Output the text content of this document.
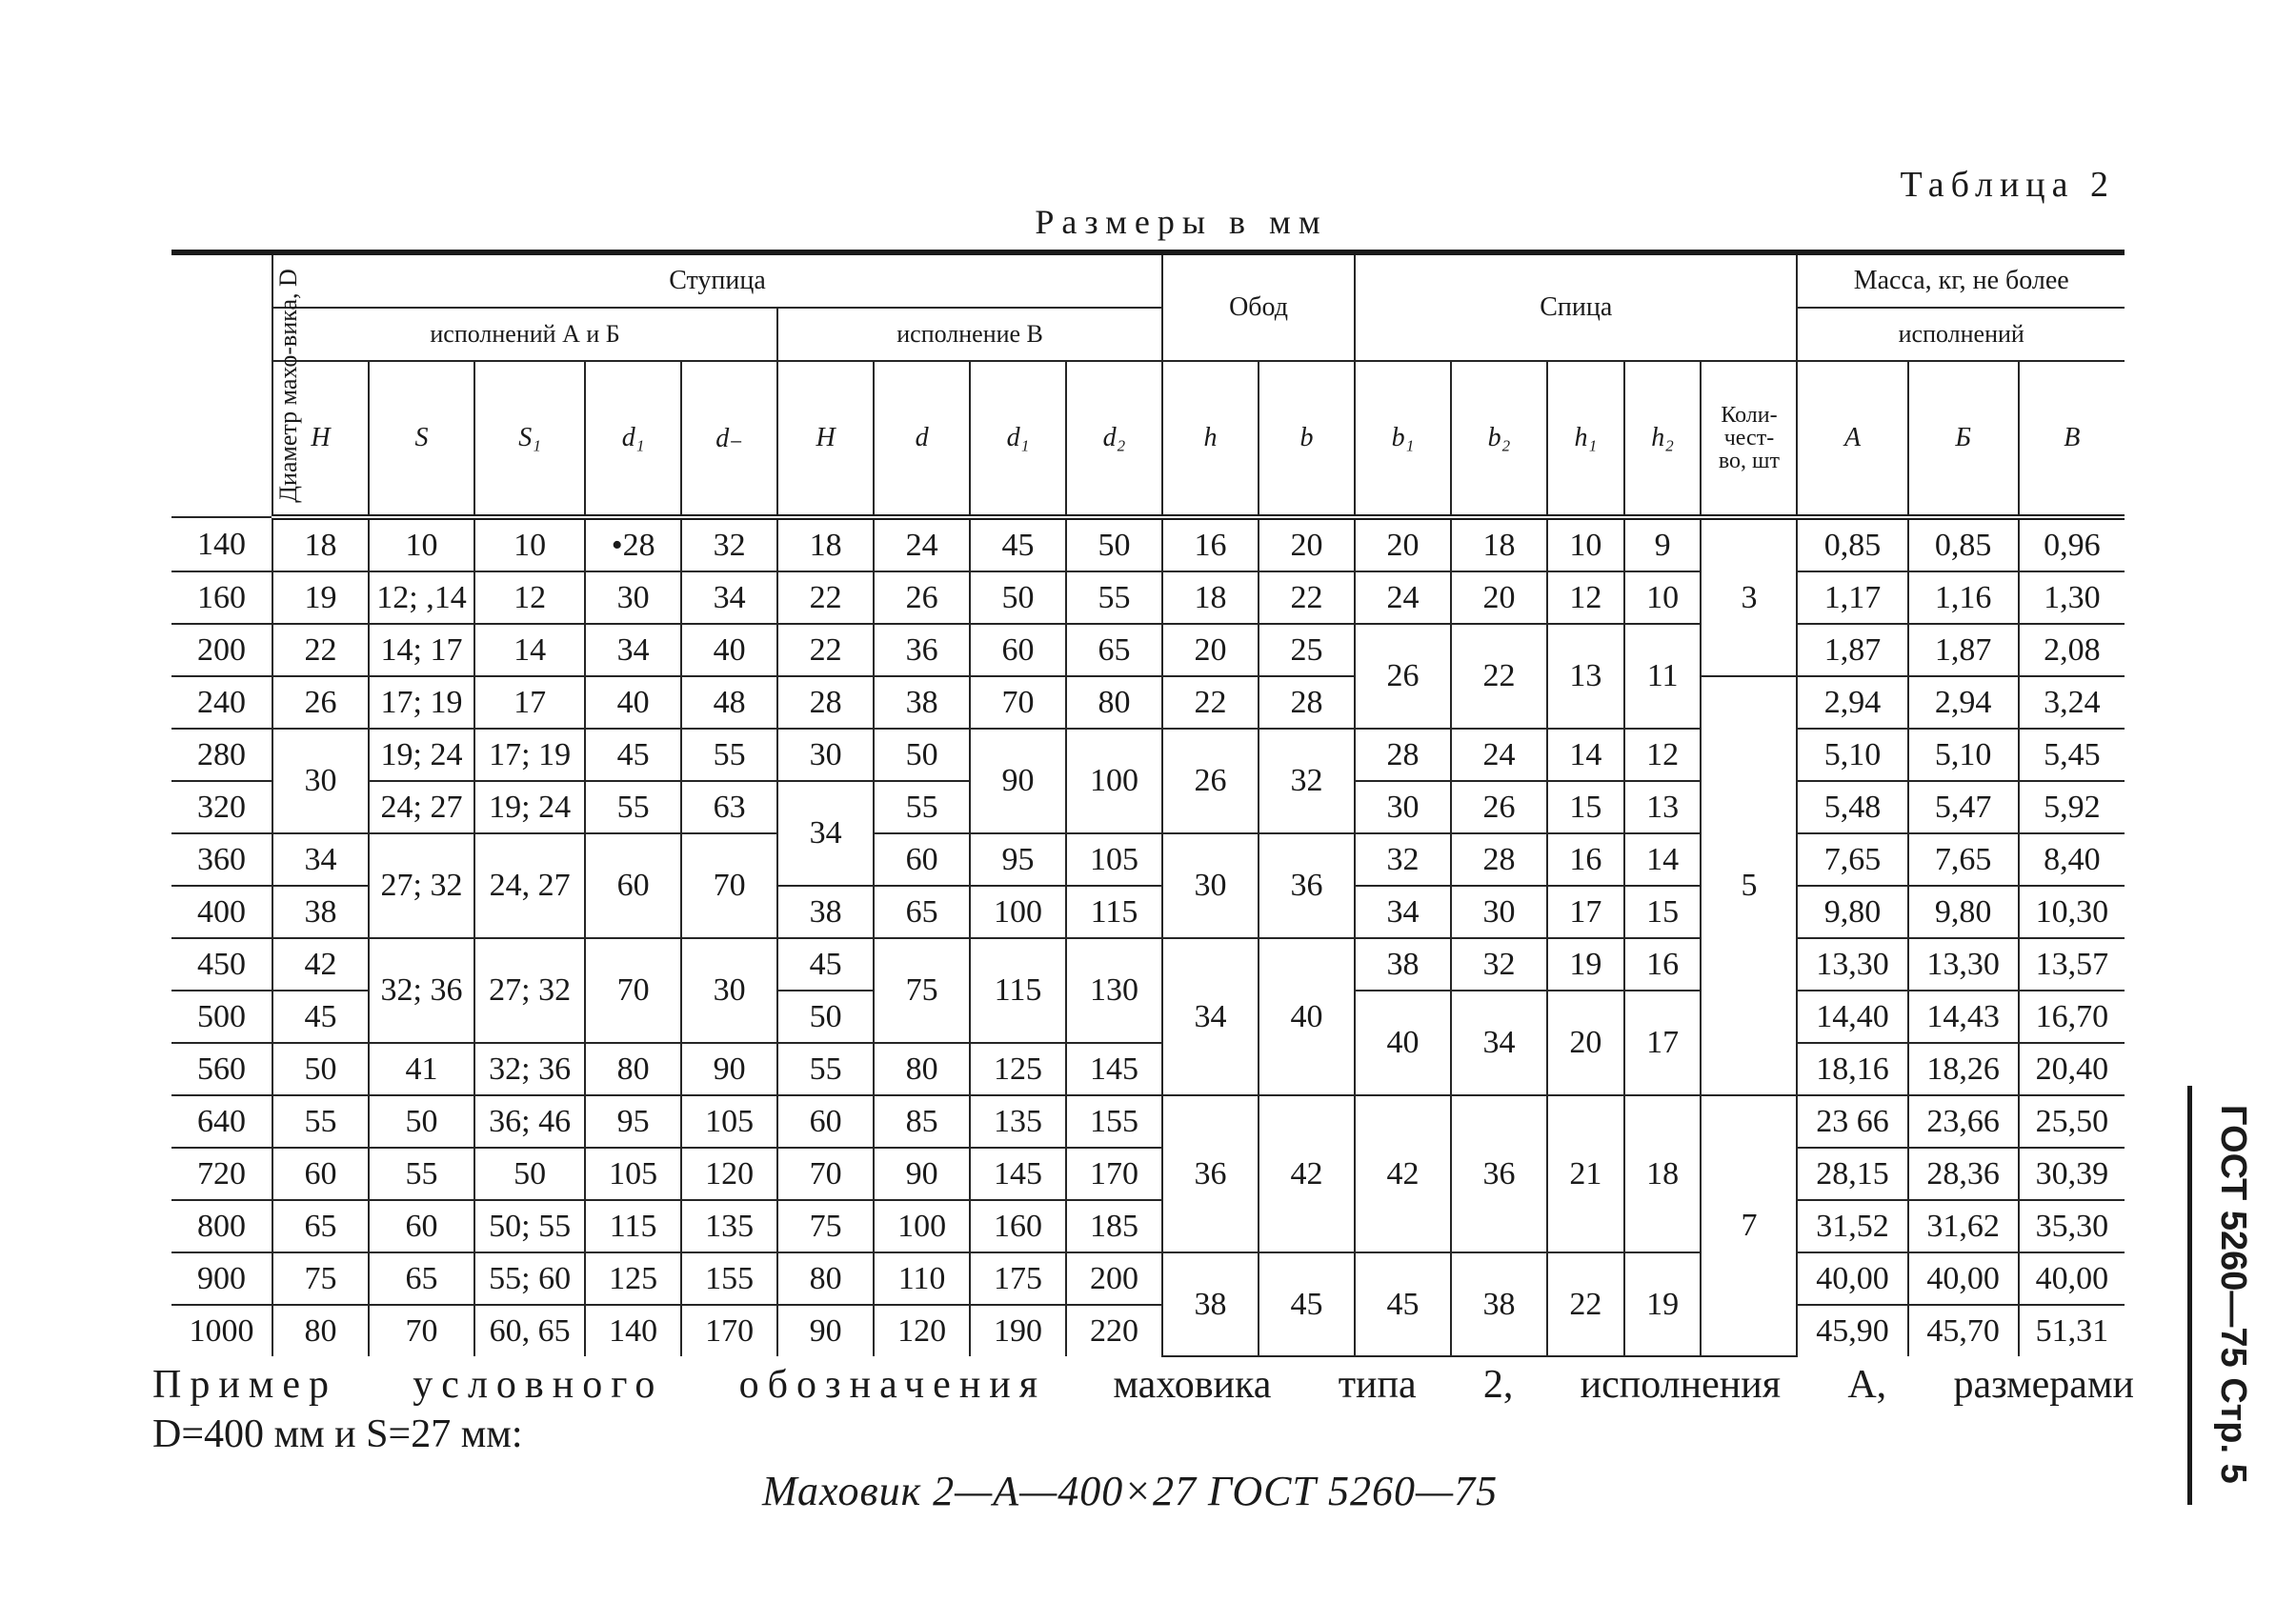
Таблица 2
Размеры в мм
Диаметр махо-вика, D	Ступица									Обод		Спица					Масса, кг, не более		
	исполнений А и Б					исполнение В											исполнений		
	H	S	S₁	d₁	d₋	H	d	d₁	d₂	h	b	b₁	b₂	h₁	h₂	Коли-чест-во, шт	A	Б	B
140	18	10	10	•28	32	18	24	45	50	16	20	20	18	10	9	3	0,85	0,85	0,96
160	19	12; ,14	12	30	34	22	26	50	55	18	22	24	20	12	10		1,17	1,16	1,30
200	22	14; 17	14	34	40	22	36	60	65	20	25	26	22	13	11		1,87	1,87	2,08
240	26	17; 19	17	40	48	28	38	70	80	22	28					5	2,94	2,94	3,24
280	30	19; 24	17; 19	45	55	30	50	90	100	26	32	28	24	14	12		5,10	5,10	5,45
320		24; 27	19; 24	55	63	34	55					30	26	15	13		5,48	5,47	5,92
360	34	27; 32	24, 27	60	70		60	95	105	30	36	32	28	16	14		7,65	7,65	8,40
400	38					38	65	100	115			34	30	17	15		9,80	9,80	10,30
450	42	32; 36	27; 32	70	30	45	75	115	130	34	40	38	32	19	16		13,30	13,30	13,57
500	45					50						40	34	20	17		14,40	14,43	16,70
560	50	41	32; 36	80	90	55	80	125	145								18,16	18,26	20,40
640	55	50	36; 46	95	105	60	85	135	155	36	42	42	36	21	18	7	23 66	23,66	25,50
720	60	55	50	105	120	70	90	145	170								28,15	28,36	30,39
800	65	60	50; 55	115	135	75	100	160	185								31,52	31,62	35,30
900	75	65	55; 60	125	155	80	110	175	200	38	45	45	38	22	19		40,00	40,00	40,00
1000	80	70	60, 65	140	170	90	120	190	220								45,90	45,70	51,31
Пример условного обозначения маховика типа 2, исполнения А, размерами
D=400 мм и S=27 мм:
Маховик 2—А—400×27 ГОСТ 5260—75
ГОСТ 5260—75 Стр. 5
